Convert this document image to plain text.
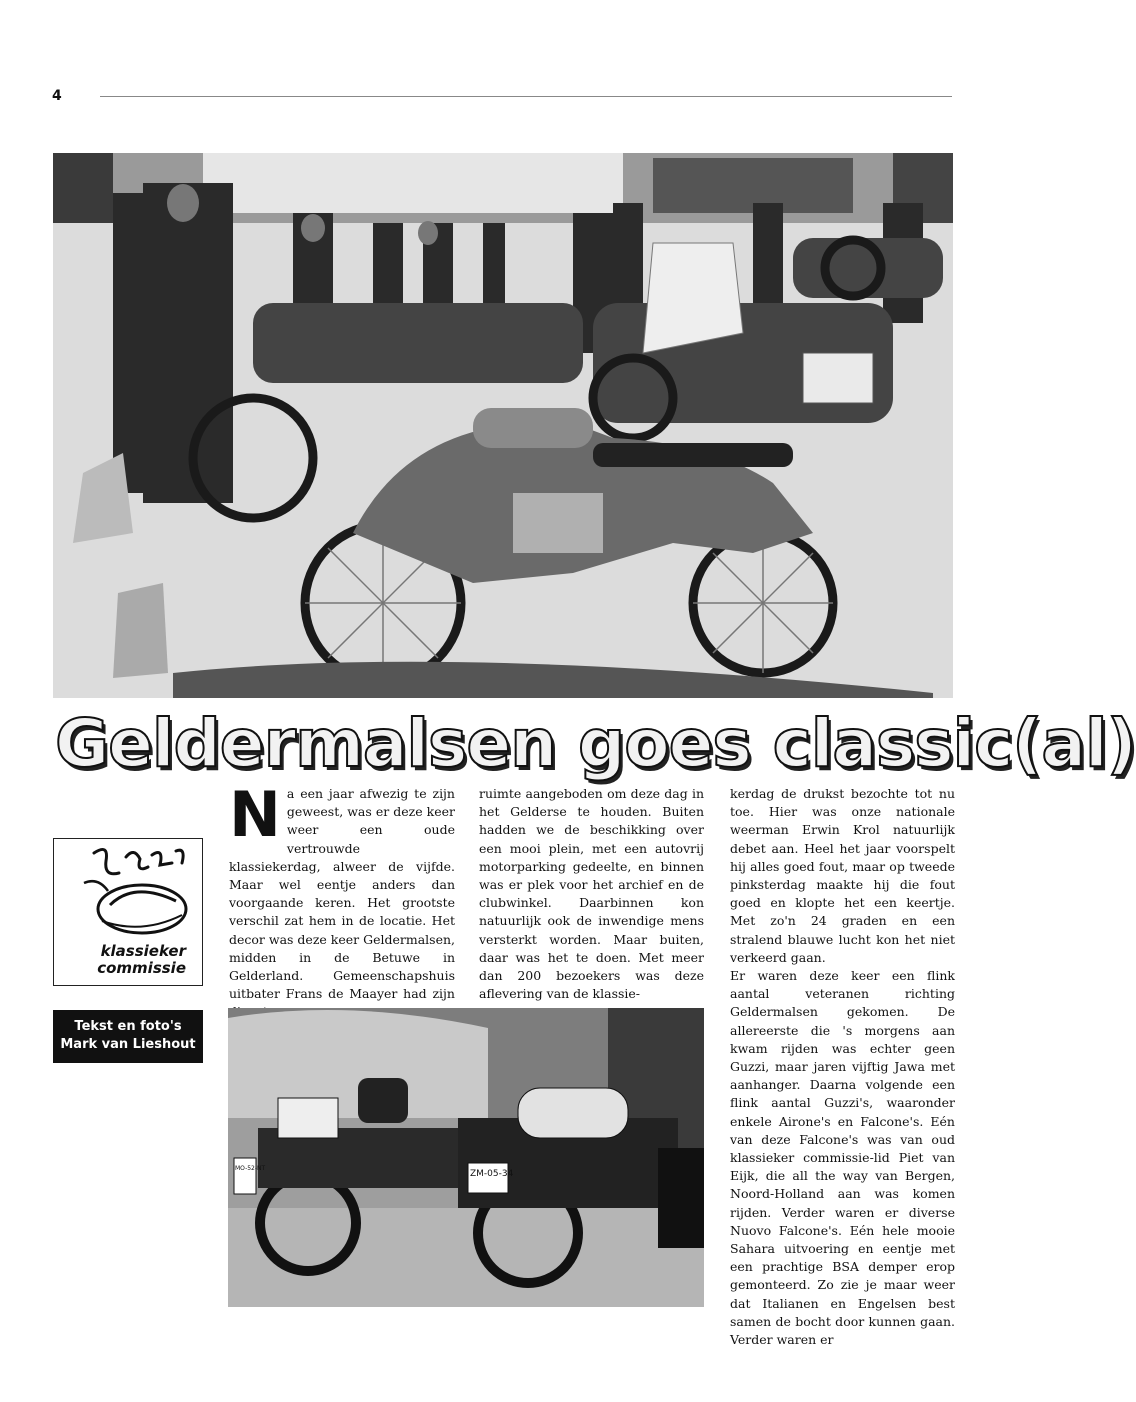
4
Geldermalsen goes classic(al)
klassieker
commissie
Tekst en foto's
Mark van Lieshout
N a een jaar afwezig te zijn geweest, was er deze keer weer een oude vertrouwde klassiekerdag, alweer de vijfde. Maar wel eentje anders dan voorgaande keren. Het grootste verschil zat hem in de locatie. Het decor was deze keer Geldermalsen, midden in de Betuwe in Gelderland. Gemeenschapshuis uitbater Frans de Maayer had zijn

ruimte aangeboden om deze dag in het Gelderse te houden. Buiten hadden we de beschikking over een mooi plein, met een autovrij motorparking gedeelte, en binnen was er plek voor het archief en de clubwinkel. Daarbinnen kon natuurlijk ook de inwendige mens versterkt worden. Maar buiten, daar was het te doen. Met meer dan 200 bezoekers was deze aflevering van de klassie-

kerdag de drukst bezochte tot nu toe. Hier was onze nationale weerman Erwin Krol natuurlijk debet aan. Heel het jaar voorspelt hij alles goed fout, maar op tweede pinksterdag maakte hij die fout goed en klopte het een keertje. Met zo'n 24 graden en een stralend blauwe lucht kon het niet verkeerd gaan.

Er waren deze keer een flink aantal veteranen richting Geldermalsen gekomen. De allereerste die 's morgens aan kwam rijden was echter geen Guzzi, maar jaren vijftig Jawa met aanhanger. Daarna volgende een flink aantal Guzzi's, waaronder enkele Airone's en Falcone's. Eén van deze Falcone's was van oud klassieker commissie-lid Piet van Eijk, die all the way van Bergen, Noord-Holland aan was komen rijden. Verder waren er diverse Nuovo Falcone's. Eén hele mooie Sahara uitvoering en eentje met een prachtige BSA demper erop gemonteerd. Zo zie je maar weer dat Italianen en Engelsen best samen de bocht door kunnen gaan. Verder waren er

ZM-05-34
MO-52-NT
